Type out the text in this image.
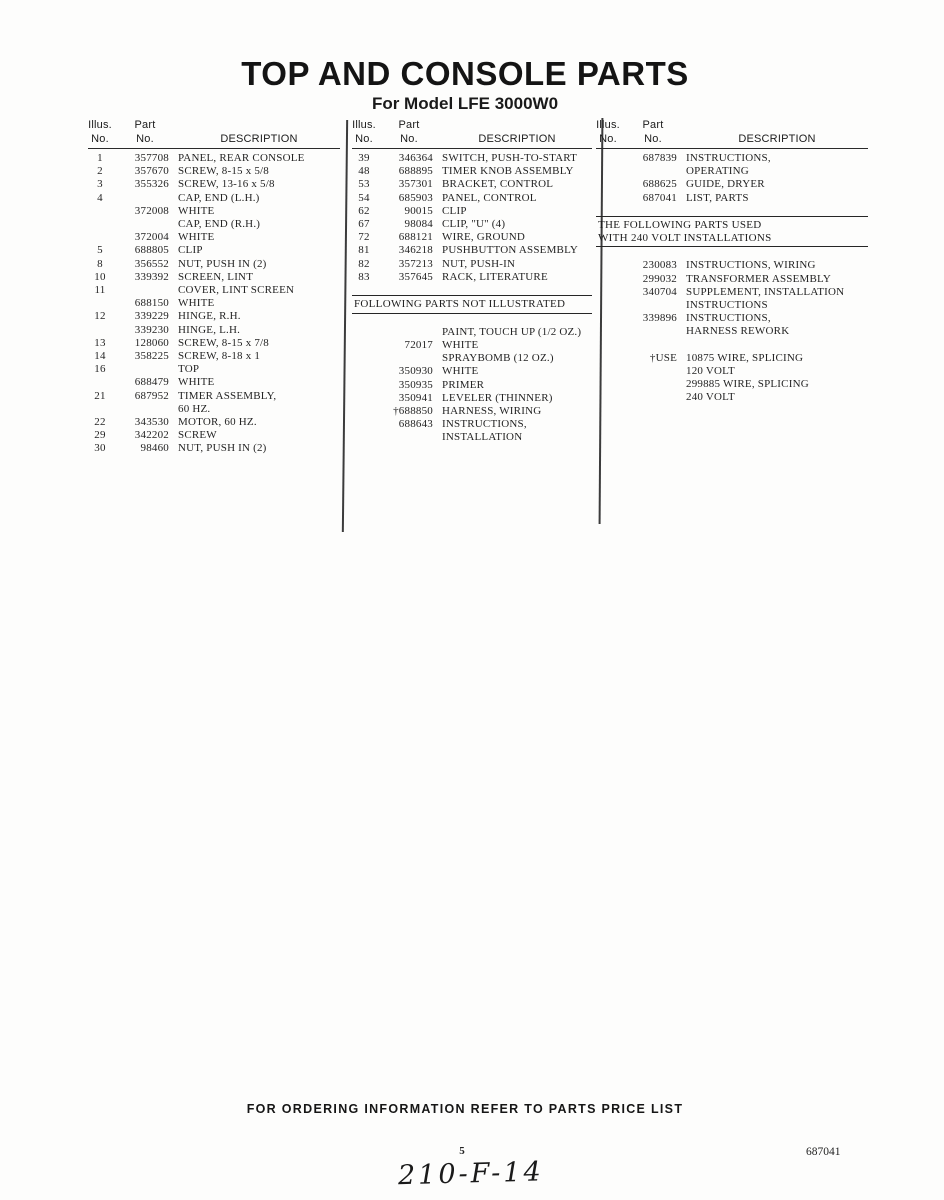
TOP AND CONSOLE PARTS
For Model LFE 3000W0
Illus.	Part
No.	No.	DESCRIPTION
1	357708 PANEL, REAR CONSOLE
2	357670 SCREW, 8-15 x 5/8
3	355326 SCREW, 13-16 x 5/8
4	CAP, END (L.H.)
372008 WHITE
CAP, END (R.H.)
372004 WHITE
5	688805 CLIP
8	356552 NUT, PUSH IN (2)
10	339392 SCREEN, LINT
11	COVER, LINT SCREEN
688150 WHITE
12	339229 HINGE, R.H.
339230 HINGE, L.H.
13	128060 SCREW, 8-15 x 7/8
14	358225 SCREW, 8-18 x 1
16	TOP
688479 WHITE
21	687952 TIMER ASSEMBLY,
60 HZ.
22	343530 MOTOR, 60 HZ.
29	342202 SCREW
30	98460 NUT, PUSH IN (2)
Illus.	Part
No.	No.	DESCRIPTION
39	346364 SWITCH, PUSH-TO-START
48	688895 TIMER KNOB ASSEMBLY
53	357301 BRACKET, CONTROL
54	685903 PANEL, CONTROL
62	90015 CLIP
67	98084 CLIP, "U" (4)
72	688121 WIRE, GROUND
81	346218 PUSHBUTTON ASSEMBLY
82	357213 NUT, PUSH-IN
83	357645 RACK, LITERATURE
FOLLOWING PARTS NOT ILLUSTRATED
PAINT, TOUCH UP (1/2 OZ.)
72017 WHITE
SPRAYBOMB (12 OZ.)
350930 WHITE
350935 PRIMER
350941 LEVELER (THINNER)
†688850 HARNESS, WIRING
688643 INSTRUCTIONS,
INSTALLATION
Illus.	Part
No.	No.	DESCRIPTION
687839 INSTRUCTIONS,
OPERATING
688625 GUIDE, DRYER
687041 LIST, PARTS
THE FOLLOWING PARTS USED
WITH 240 VOLT INSTALLATIONS
230083 INSTRUCTIONS, WIRING
299032 TRANSFORMER ASSEMBLY
340704 SUPPLEMENT, INSTALLATION
INSTRUCTIONS
339896 INSTRUCTIONS,
HARNESS REWORK
†USE 10875 WIRE, SPLICING
120 VOLT
299885 WIRE, SPLICING
240 VOLT
FOR ORDERING INFORMATION REFER TO PARTS PRICE LIST
5	687041
210-F-14
